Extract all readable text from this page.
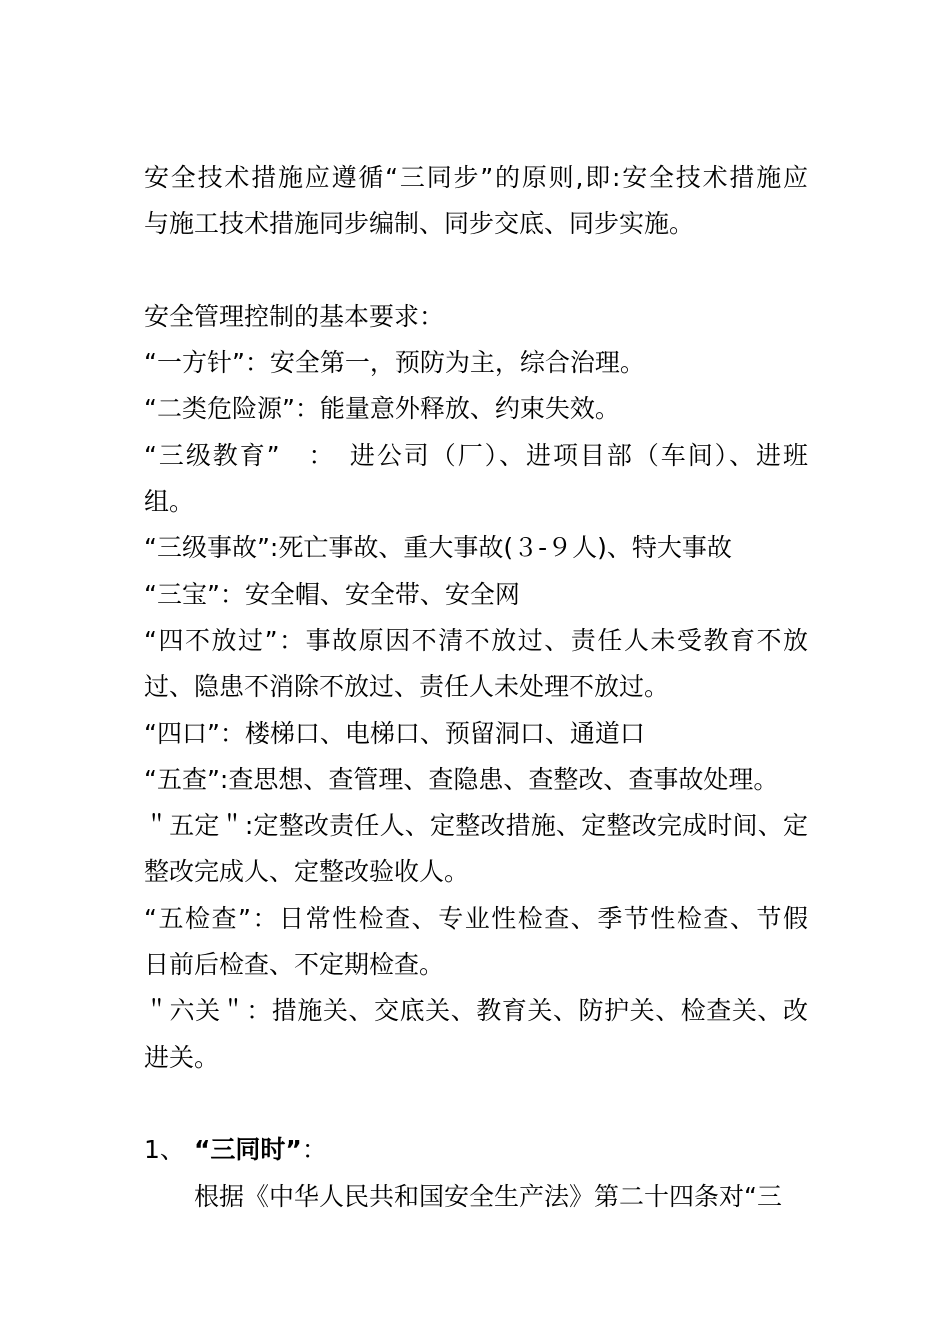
安全技术措施应遵循“三同步”的原则,即:安全技术措施应
与施工技术措施同步编制、同步交底、同步实施。
安全管理控制的基本要求：
“一方针”：安全第一，预防为主，综合治理。
“二类危险源”：能量意外释放、约束失效。
“三级教育”　：　进公司（厂）、进项目部（车间）、进班
组。
“三级事故”:死亡事故、重大事故(３-９人)、特大事故
“三宝”：安全帽、安全带、安全网
“四不放过”：事故原因不清不放过、责任人未受教育不放
过、隐患不消除不放过、责任人未处理不放过。
“四口”：楼梯口、电梯口、预留洞口、通道口
“五查”:查思想、查管理、查隐患、查整改、查事故处理。
＂五定＂:定整改责任人、定整改措施、定整改完成时间、定
整改完成人、定整改验收人。
“五检查”：日常性检查、专业性检查、季节性检查、节假
日前后检查、不定期检查。
＂六关＂：措施关、交底关、教育关、防护关、检查关、改
进关。
1、 “三同时”：
根据《中华人民共和国安全生产法》第二十四条对“三
